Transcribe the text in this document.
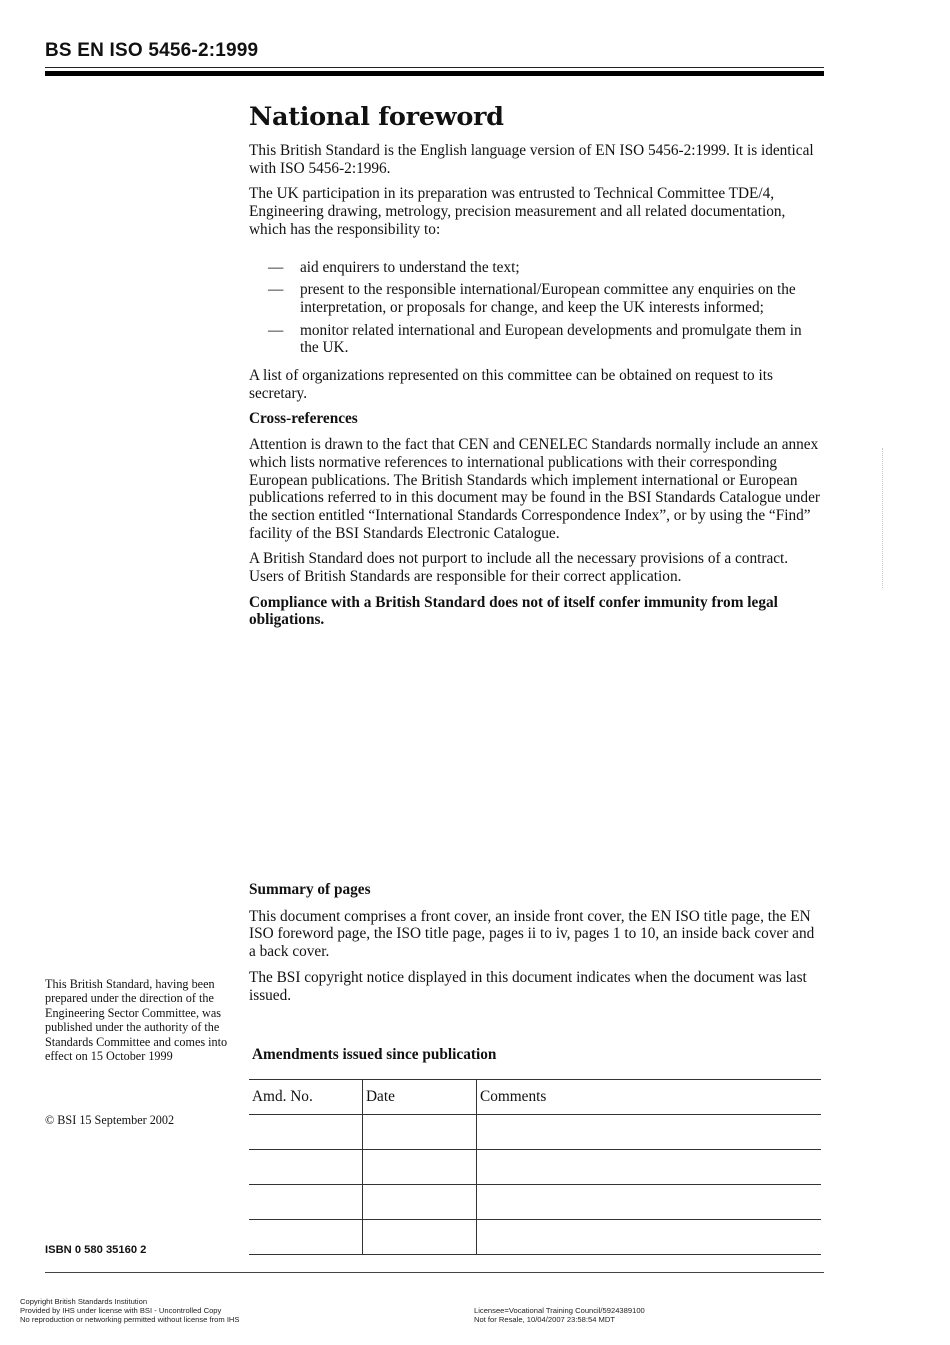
BS EN ISO 5456-2:1999
National foreword

This British Standard is the English language version of EN ISO 5456-2:1999. It is identical with ISO 5456-2:1996.

The UK participation in its preparation was entrusted to Technical Committee TDE/4, Engineering drawing, metrology, precision measurement and all related documentation, which has the responsibility to:

— aid enquirers to understand the text;
— present to the responsible international/European committee any enquiries on the interpretation, or proposals for change, and keep the UK interests informed;
— monitor related international and European developments and promulgate them in the UK.

A list of organizations represented on this committee can be obtained on request to its secretary.

Cross-references

Attention is drawn to the fact that CEN and CENELEC Standards normally include an annex which lists normative references to international publications with their corresponding European publications. The British Standards which implement international or European publications referred to in this document may be found in the BSI Standards Catalogue under the section entitled “International Standards Correspondence Index”, or by using the “Find” facility of the BSI Standards Electronic Catalogue.

A British Standard does not purport to include all the necessary provisions of a contract. Users of British Standards are responsible for their correct application.

Compliance with a British Standard does not of itself confer immunity from legal obligations.

Summary of pages

This document comprises a front cover, an inside front cover, the EN ISO title page, the EN ISO foreword page, the ISO title page, pages ii to iv, pages 1 to 10, an inside back cover and a back cover.

The BSI copyright notice displayed in this document indicates when the document was last issued.

Amendments issued since publication
Amd. No.	Date	Comments

This British Standard, having been prepared under the direction of the Engineering Sector Committee, was published under the authority of the Standards Committee and comes into effect on 15 October 1999
© BSI 15 September 2002
ISBN 0 580 35160 2
Copyright British Standards Institution
Provided by IHS under license with BSI - Uncontrolled Copy
No reproduction or networking permitted without license from IHS
Licensee=Vocational Training Council/5924389100
Not for Resale, 10/04/2007 23:58:54 MDT
